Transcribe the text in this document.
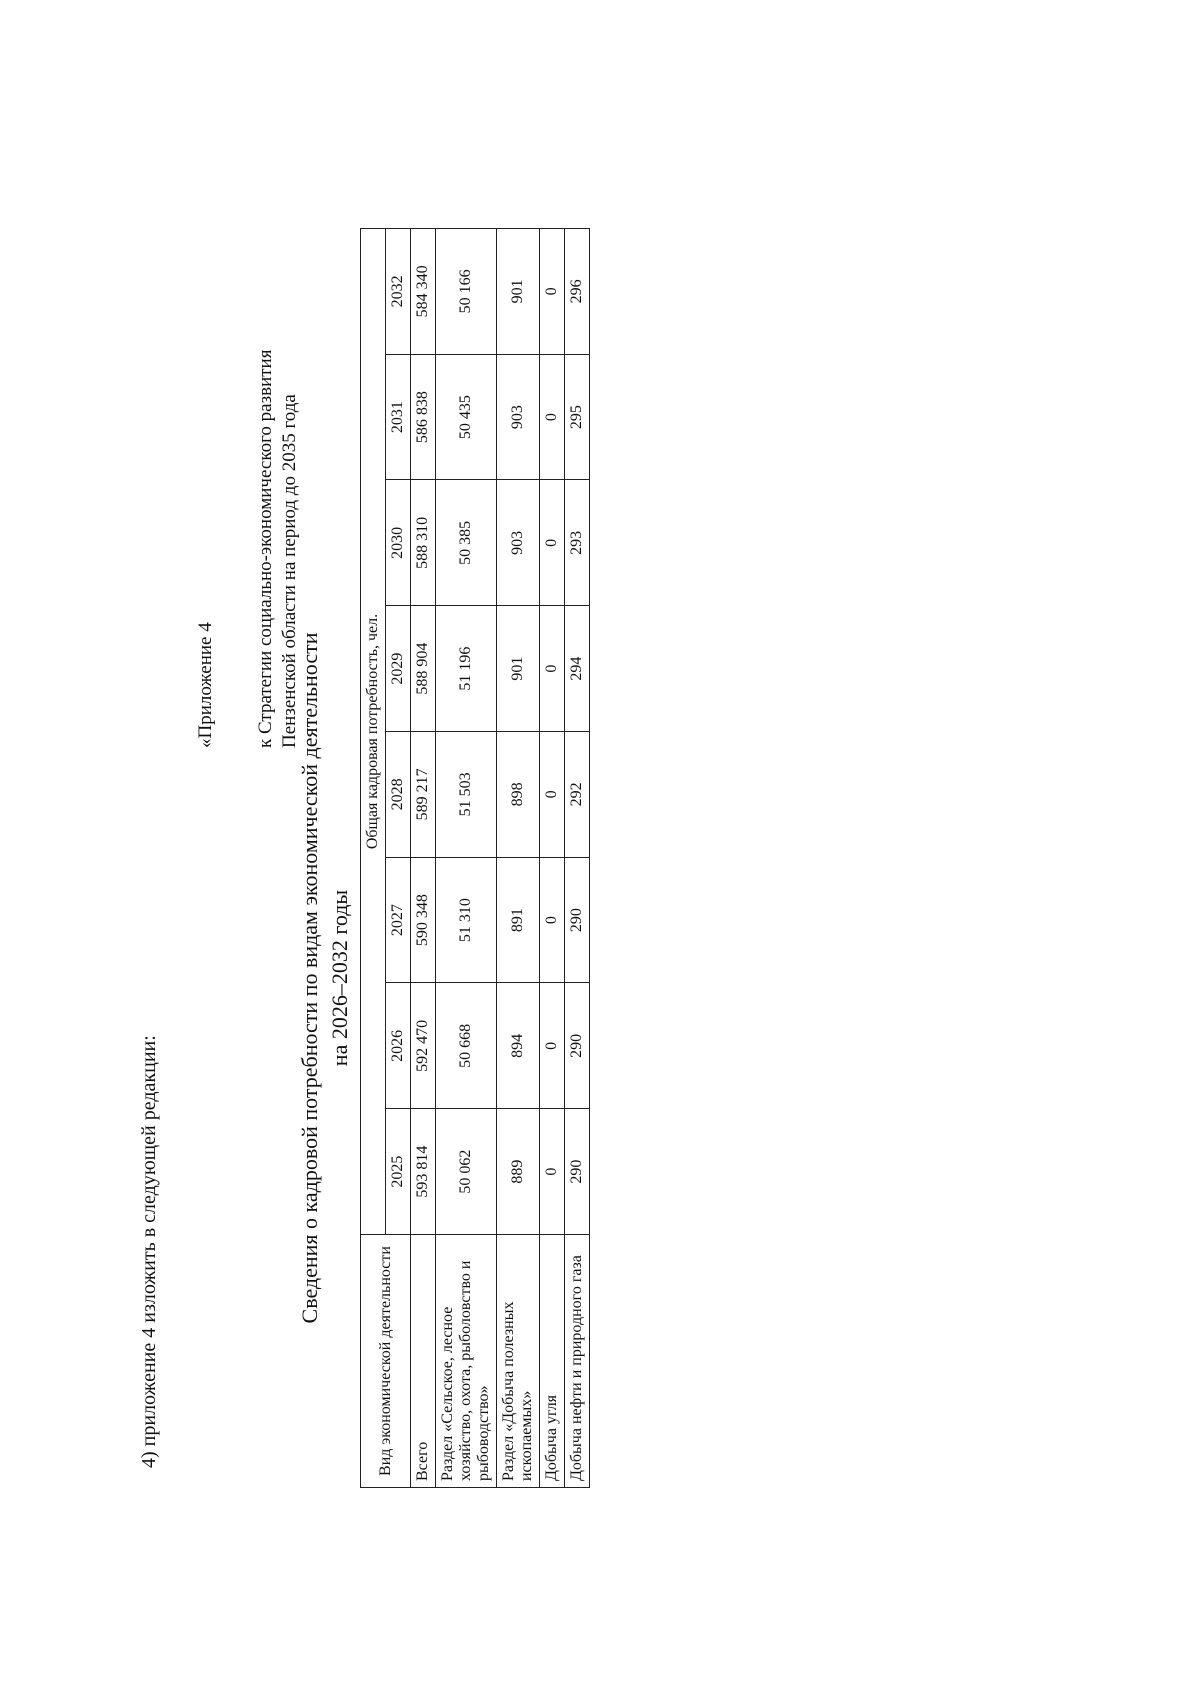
4) приложение 4 изложить в следующей редакции:
«Приложение 4 к Стратегии социально-экономического развития Пензенской области на период до 2035 года
Сведения о кадровой потребности по видам экономической деятельности на 2026–2032 годы
Вид экономической деятельности	Общая кадровая потребность, чел.							
	2025	2026	2027	2028	2029	2030	2031	2032
Всего	593 814	592 470	590 348	589 217	588 904	588 310	586 838	584 340
Раздел «Сельское, лесное хозяйство, охота, рыболовство и рыбоводство»	50 062	50 668	51 310	51 503	51 196	50 385	50 435	50 166
Раздел «Добыча полезных ископаемых»	889	894	891	898	901	903	903	901
Добыча угля	0	0	0	0	0	0	0	0
Добыча нефти и природного газа	290	290	290	292	294	293	295	296
